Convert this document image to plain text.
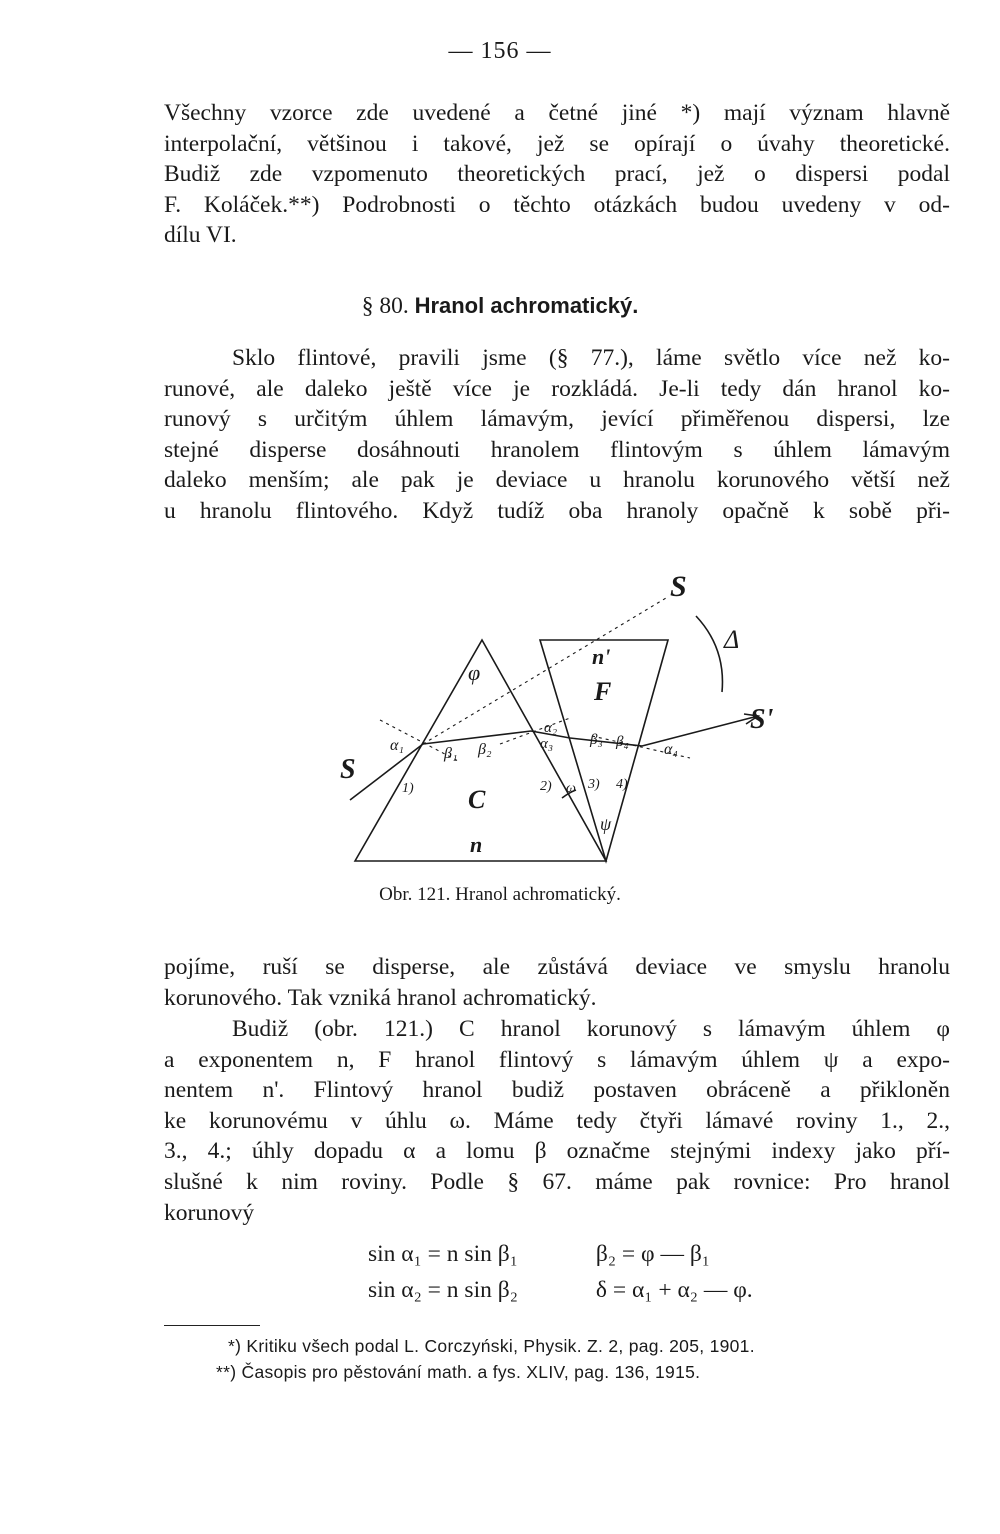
— 156 —

Všechny vzorce zde uvedené a četné jiné *) mají význam hlavně
interpolační, většinou i takové, jež se opírají o úvahy theoretické.
Budiž zde vzpomenuto theoretických prací, jež o dispersi podal
F. Koláček.**) Podrobnosti o těchto otázkách budou uvedeny v od-
dílu VI.

§ 80. Hranol achromatický.

Sklo flintové, pravili jsme (§ 77.), láme světlo více než ko-
runové, ale daleko ještě více je rozkládá. Je-li tedy dán hranol ko-
runový s určitým úhlem lámavým, jevící přiměřenou dispersi, lze
stejné disperse dosáhnouti hranolem flintovým s úhlem lámavým
daleko menším; ale pak je deviace u hranolu korunového větší než
u hranolu flintového. Když tudíž oba hranoly opačně k sobě při-

S
Δ
S'
S
φ
n'
F
C
n
α₁	β₁ β₂
α₂
α₃ β₃ β₄ α₄
1)	2)	3) 4)
ω
ψ
Obr. 121. Hranol achromatický.

pojíme, ruší se disperse, ale zůstává deviace ve smyslu hranolu
korunového. Tak vzniká hranol achromatický.

Budiž (obr. 121.) C hranol korunový s lámavým úhlem φ
a exponentem n, F hranol flintový s lámavým úhlem ψ a expo-
nentem n'. Flintový hranol budiž postaven obráceně a přikloněn
ke korunovému v úhlu ω. Máme tedy čtyři lámavé roviny 1., 2.,
3., 4.; úhly dopadu α a lomu β označme stejnými indexy jako pří-
slušné k nim roviny. Podle § 67. máme pak rovnice: Pro hranol
korunový

sin α₁ = n sin β₁	β₂ = φ — β₁
sin α₂ = n sin β₂	δ = α₁ + α₂ — φ.
*) Kritiku všech podal L. Corczyński, Physik. Z. 2, pag. 205, 1901.
**) Časopis pro pěstování math. a fys. XLIV, pag. 136, 1915.
